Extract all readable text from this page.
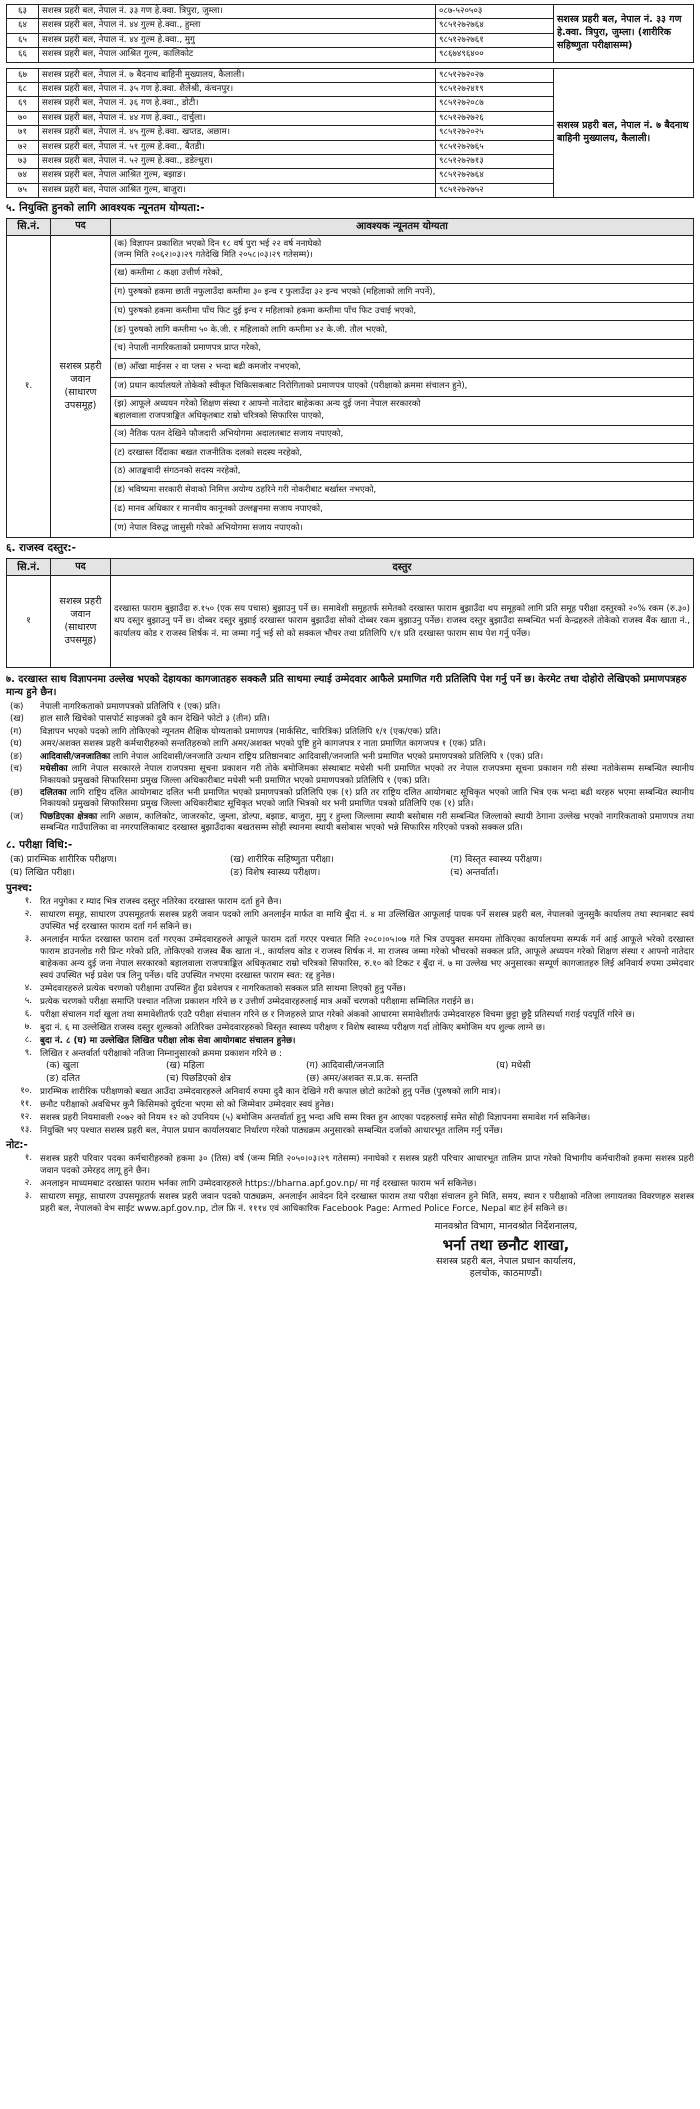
६३	सशस्त्र प्रहरी बल, नेपाल नं. ३३ गण हे.क्वा. त्रिपुरा, जुम्ला।	०८७-५२०५०३	सशस्त्र प्रहरी बल, नेपाल नं. ३३ गण हे.क्वा. त्रिपुरा, जुम्ला। (शारीरिक सहिष्णुता परीक्षासम्म)
६४	सशस्त्र प्रहरी बल, नेपाल नं. ४४ गुल्म हे.क्वा., हुम्ला	९८५१२७२७६४	
६५	सशस्त्र प्रहरी बल, नेपाल नं. ४४ गुल्म हे.क्वा., मुगु	९८५१२७२७६१	
६६	सशस्त्र प्रहरी बल, नेपाल आश्रित गुल्म, कालिकोट	९८६७४९६४००	
६७	सशस्त्र प्रहरी बल, नेपाल नं. ७ बैदनाथ बाहिनी मुख्यालय, कैलाली।	९८५१२७२०२७	सशस्त्र प्रहरी बल, नेपाल नं. ७ बैदनाथ बाहिनी मुख्यालय, कैलाली।
६८	सशस्त्र प्रहरी बल, नेपाल नं. ३५ गण हे.क्वा. शैलेश्री, कंचनपुर।	९८५१२७२४१९	
६९	सशस्त्र प्रहरी बल, नेपाल नं. ३६ गण हे.क्वा., डोटी।	९८५१२७२०८७	
७०	सशस्त्र प्रहरी बल, नेपाल नं. ४४ गण हे.क्वा., दार्चुला।	९८५१२७२७२६	
७१	सशस्त्र प्रहरी बल, नेपाल नं. ४५ गुल्म हे.क्वा. खप्तड, अछाम।	९८५१२७२०२५	
७२	सशस्त्र प्रहरी बल, नेपाल नं. ५१ गुल्म हे.क्वा., बैतडी।	९८५१२७२७६५	
७३	सशस्त्र प्रहरी बल, नेपाल नं. ५२ गुल्म हे.क्वा., डडेल्धुरा।	९८५१२७२७१३	
७४	सशस्त्र प्रहरी बल, नेपाल आश्रित गुल्म, बझाङ।	९८५१२७२७६४	
७५	सशस्त्र प्रहरी बल, नेपाल आश्रित गुल्म, बाजुरा।	९८५१२७२७५२	
५. नियुक्ति हुनको लागि आवश्यक न्यूनतम योग्यता:-
सि.नं.	पद	आवश्यक न्यूनतम योग्यता
१.	सशस्त्र प्रहरी जवान (साधारण उपसमूह)	(क) विज्ञापन प्रकाशित भएको दिन १८ वर्ष पुरा भई २२ वर्ष ननाघेको
(जन्म मिति २०६२।०३।२९ गतेदेखि मिति २०५८।०३।२९ गतेसम्म)।

		(ख) कम्तीमा ८ कक्षा उत्तीर्ण गरेको,

		(ग) पुरुषको हकमा छाती नफुलाउँदा कम्तीमा ३० इन्च र फुलाउँदा ३२ इन्च भएको (महिलाको लागि नपर्ने),

		(घ) पुरुषको हकमा कम्तीमा पाँच फिट दुई इन्च र महिलाको हकमा कम्तीमा पाँच फिट उचाई भएको,

		(ङ) पुरुषको लागि कम्तीमा ५० के.जी. र महिलाको लागि कम्तीमा ४२ के.जी. तौल भएको,

		(च) नेपाली नागरिकताको प्रमाणपत्र प्राप्त गरेको,

		(छ) आँखा माईनस २ वा प्लस २ भन्दा बढी कमजोर नभएको,

		(ज) प्रधान कार्यालयले तोकेको स्वीकृत चिकित्सकबाट निरोगिताको प्रमाणपत्र पाएको (परीक्षाको क्रममा संचालन हुने),

		(झ) आफूले अध्ययन गरेको शिक्षण संस्था र आफ्नो नातेदार बाहेकका अन्य दुई जना नेपाल सरकारको
बहालवाला राजपत्राङ्कित अधिकृतबाट राम्रो चरित्रको सिफारिस पाएको,

		(ञ) नैतिक पतन देखिने फौजदारी अभियोगमा अदालतबाट सजाय नपाएको,

		(ट) दरखास्त दिँदाका बखत राजनीतिक दलको सदस्य नरहेको,

		(ठ) आतङ्कवादी संगठनको सदस्य नरहेको,

		(ड) भविष्यमा सरकारी सेवाको निमित्त अयोग्य ठहरिने गरी नोकरीबाट बर्खास्त नभएको,

		(ढ) मानव अधिकार र मानवीय कानूनको उल्लङ्घनमा सजाय नपाएको,

		(ण) नेपाल विरुद्ध जासुसी गरेको अभियोगमा सजाय नपाएको।
६. राजस्व दस्तुर:-
सि.नं.	पद	दस्तुर
१	सशस्त्र प्रहरी जवान (साधारण उपसमूह)	दरखास्त फाराम बुझाउँदा रु.१५० (एक सय पचास) बुझाउनु पर्ने छ। समावेशी समूहतर्फ समेतको दरखास्त फाराम बुझाउँदा थप समूहको लागि प्रति समूह परीक्षा दस्तुरको २०% रकम (रु.३०) थप दस्तुर बुझाउनु पर्ने छ। दोब्बर दस्तुर बुझाई दरखास्त फाराम बुझाउँदा सोको दोब्बर रकम बुझाउनु पर्नेछ। राजस्व दस्तुर बुझाउँदा सम्बन्धित भर्ना केन्द्रहरुले तोकेको राजस्व बैंक खाता नं., कार्यालय कोड र राजस्व शिर्षक नं. मा जम्मा गर्नु भई सो को सक्कल भौचर तथा प्रतिलिपि १/१ प्रति दरखास्त फाराम साथ पेश गर्नु पर्नेछ।
७. दरखास्त साथ विज्ञापनमा उल्लेख भएको देहायका कागजातहरु सक्कलै प्रति साथमा ल्याई उम्मेदवार आफैले प्रमाणित गरी प्रतिलिपि पेश गर्नु पर्ने छ। केरमेट तथा दोहोरो लेखिएको प्रमाणपत्रहरु मान्य हुने छैन।
(क)	नेपाली नागरिकताको प्रमाणपत्रको प्रतिलिपि १ (एक) प्रति।
(ख)	हाल सालै खिचेको पासपोर्ट साइजको दुवै कान देखिने फोटो ३ (तीन) प्रति।
(ग)	विज्ञापन भएको पदको लागि तोकिएको न्यूनतम शैक्षिक योग्यताको प्रमाणपत्र (मार्कसिट, चारित्रिक) प्रतिलिपि १/१ (एक/एक) प्रति।
(घ)	अमर/अशक्त सशस्त्र प्रहरी कर्मचारीहरुको सन्ततिहरुको लागि अमर/अशक्त भएको पुष्टि हुने कागजपत्र र नाता प्रमाणित कागजपत्र १ (एक) प्रति।
(ङ)	आदिवासी/जनजातिका लागि नेपाल आदिवासी/जनजाति उत्थान राष्ट्रिय प्रतिष्ठानबाट आदिवासी/जनजाति भनी प्रमाणित भएको प्रमाणपत्रको प्रतिलिपि १ (एक) प्रति।
(च)	मधेसीका लागि नेपाल सरकारले नेपाल राजपत्रमा सूचना प्रकाशन गरी तोके बमोजिमका संस्थाबाट मधेसी भनी प्रमाणित भएको तर नेपाल राजपत्रमा सूचना प्रकाशन गरी संस्था नतोकेसम्म सम्बन्धित स्थानीय निकायको प्रमुखको सिफारिसमा प्रमुख जिल्ला अधिकारीबाट मधेसी भनी प्रमाणित भएको प्रमाणपत्रको प्रतिलिपि १ (एक) प्रति।
(छ)	दलितका लागि राष्ट्रिय दलित आयोगबाट दलित भनी प्रमाणित भएको प्रमाणपत्रको प्रतिलिपि एक (१) प्रति तर राष्ट्रिय दलित आयोगबाट सूचिकृत भएको जाति भित्र एक भन्दा बढी थरहरु भएमा सम्बन्धित स्थानीय निकायको प्रमुखको सिफारिसमा प्रमुख जिल्ला अधिकारीबाट सूचिकृत भएको जाति भित्रको थर भनी प्रमाणित पत्रको प्रतिलिपि एक (१) प्रति।
(ज)	पिछडिएका क्षेत्रका लागि अछाम, कालिकोट, जाजरकोट, जुम्ला, डोल्पा, बझाङ, बाजुरा, मुगु र हुम्ला जिल्लामा स्थायी बसोबास गरी सम्बन्धित जिल्लाको स्थायी ठेगाना उल्लेख भएको नागरिकताको प्रमाणपत्र तथा सम्बन्धित गाउँपालिका वा नगरपालिकाबाट दरखास्त बुझाउँदाका बखतसम्म सोही स्थानमा स्थायी बसोबास भएको भन्ने सिफारिस गरिएको पत्रको सक्कल प्रति।
८. परीक्षा विधि:-
(क) प्रारम्भिक शारीरिक परीक्षण।	(ख) शारीरिक सहिष्णुता परीक्षा।	(ग) विस्तृत स्वास्थ्य परीक्षण।
(घ) लिखित परीक्षा।	(ङ) विशेष स्वास्थ्य परीक्षण।	(च) अन्तर्वार्ता।
पुनश्च:
१. रित नपुगेका र म्याद भित्र राजस्व दस्तुर नतिरेका दरखास्त फाराम दर्ता हुने छैन।
२. साधारण समूह, साधारण उपसमूहतर्फ सशस्त्र प्रहरी जवान पदको लागि अनलाईन मार्फत वा माथि बुँदा नं. ४ मा उल्लिखित आफूलाई पायक पर्ने सशस्त्र प्रहरी बल, नेपालको जुनसुकै कार्यालय तथा स्थानबाट स्वयं उपस्थित भई दरखास्त फाराम दर्ता गर्न सकिने छ।
३. अनलाईन मार्फत दरखास्त फाराम दर्ता गरएका उम्मेदवारहरुले आफूले फाराम दर्ता गरएर पश्चात मिति २०८०।०५।०७ गते भित्र उपयुक्त समयमा तोकिएका कार्यालयमा सम्पर्क गर्न आई आफूले भरेको दरखास्त फाराम डाउनलोड गरी प्रिन्ट गरेको प्रति, तोकिएको राजस्व बैंक खाता नं., कार्यालय कोड र राजस्व शिर्षक नं. मा राजस्व जम्मा गरेको भौचरको सक्कल प्रति, आफूले अध्ययन गरेको शिक्षण संस्था र आफ्नो नातेदार बाहेकका अन्य दुई जना नेपाल सरकारको बहालवाला राजपत्राङ्कित अधिकृतबाट राम्रो चरित्रको सिफारिस, रु.१० को टिकट र बुँदा नं. ७ मा उल्लेख भए अनुसारका सम्पूर्ण कागजातहरु लिई अनिवार्य रुपमा उम्मेदवार स्वयं उपस्थित भई प्रवेश पत्र लिनु पर्नेछ। यदि उपस्थित नभएमा दरखास्त फाराम स्वत: रद्द हुनेछ।
४. उम्मेदवारहरुले प्रत्येक चरणको परीक्षामा उपस्थित हुँदा प्रवेशपत्र र नागरिकताको सक्कल प्रति साथमा लिएको हुनु पर्नेछ।
५. प्रत्येक चरणको परीक्षा समाप्ति पश्चात नतिजा प्रकाशन गरिने छ र उत्तीर्ण उम्मेदवारहरुलाई मात्र अर्को चरणको परीक्षामा सम्मिलित गराईने छ।
६. परीक्षा संचालन गर्दा खुला तथा समावेशीतर्फ एउटै परीक्षा संचालन गरिने छ र निजहरुले प्राप्त गरेको अंकको आधारमा समावेशीतर्फ उम्मेदवारहरु विचमा छुट्टा छुट्टै प्रतिस्पर्धा गराई पदपूर्ति गरिने छ।
७. बुदा नं. ६ मा उल्लेखित राजस्व दस्तुर शुल्कको अतिरिक्त उम्मेदवारहरुको विस्तृत स्वास्थ्य परीक्षण र विशेष स्वास्थ्य परीक्षण गर्दा तोकिए बमोजिम थप शुल्क लाग्ने छ।
८. बुदा नं. ८ (घ) मा उल्लेखित लिखित परीक्षा लोक सेवा आयोगबाट संचालन हुनेछ।
९. लिखित र अन्तर्वार्ता परीक्षाको नतिजा निम्नानुसारको क्रममा प्रकाशन गरिने छ :
(क) खुला	(ख) महिला	(ग) आदिवासी/जनजाति	(घ) मधेसी
(ङ) दलित	(च) पिछडिएको क्षेत्र	(छ) अमर/अशक्त स.प्र.क. सन्तति
१०. प्रारम्भिक शारीरिक परीक्षणको बखत आउँदा उम्मेदवारहरुले अनिवार्य रुपमा दुवै कान देखिने गरी कपाल छोटो काटेको हुनु पर्नेछ (पुरुषको लागि मात्र)।
११. छनौट परीक्षाको अवधिभर कुनै किसिमको दुर्घटना भएमा सो को जिम्मेवार उम्मेदवार स्वयं हुनेछ।
१२. सशस्त्र प्रहरी नियमावली २०७२ को नियम १२ को उपनियम (५) बमोजिम अन्तर्वार्ता हुनु भन्दा अघि सम्म रिक्त हुन आएका पदहरुलाई समेत सोही विज्ञापनमा समावेश गर्न सकिनेछ।
१३. नियुक्ति भए पश्चात सशस्त्र प्रहरी बल, नेपाल प्रधान कार्यालयबाट निर्धारण गरेको पाठ्यक्रम अनुसारको सम्बन्धित दर्जाको आधारभूत तालिम गर्नु पर्नेछ।
नोट:-
१. सशस्त्र प्रहरी परिवार पदका कर्मचारीहरुको हकमा ३० (तिस) वर्ष (जन्म मिति २०५०।०३।२९ गतेसम्म) ननाघेको र सशस्त्र प्रहरी परिचार आधारभूत तालिम प्राप्त गरेको विभागीय कर्मचारीको हकमा सशस्त्र प्रहरी जवान पदको उमेरहद लागू हुने छैन।
२. अनलाइन माध्यमबाट दरखास्त फाराम भर्नका लागि उम्मेदवारहरुले https://bharna.apf.gov.np/ मा गई दरखास्त फाराम भर्न सकिनेछ।
३. साधारण समूह, साधारण उपसमूहतर्फ सशस्त्र प्रहरी जवान पदको पाठ्यक्रम, अनलाईन आवेदन दिने दरखास्त फाराम तथा परीक्षा संचालन हुने मिति, समय, स्थान र परीक्षाको नतिजा लगायतका विवरणहरु सशस्त्र प्रहरी बल, नेपालको वेभ साईट www.apf.gov.np, टोल फ्रि नं. १११४ एवं आधिकारिक Facebook Page: Armed Police Force, Nepal बाट हेर्न सकिने छ।
मानवश्रोत विभाग, मानवश्रोत निर्देशनालय,
भर्ना तथा छनौट शाखा,
सशस्त्र प्रहरी बल, नेपाल प्रधान कार्यालय,
हलचोक, काठमाण्डौं।
